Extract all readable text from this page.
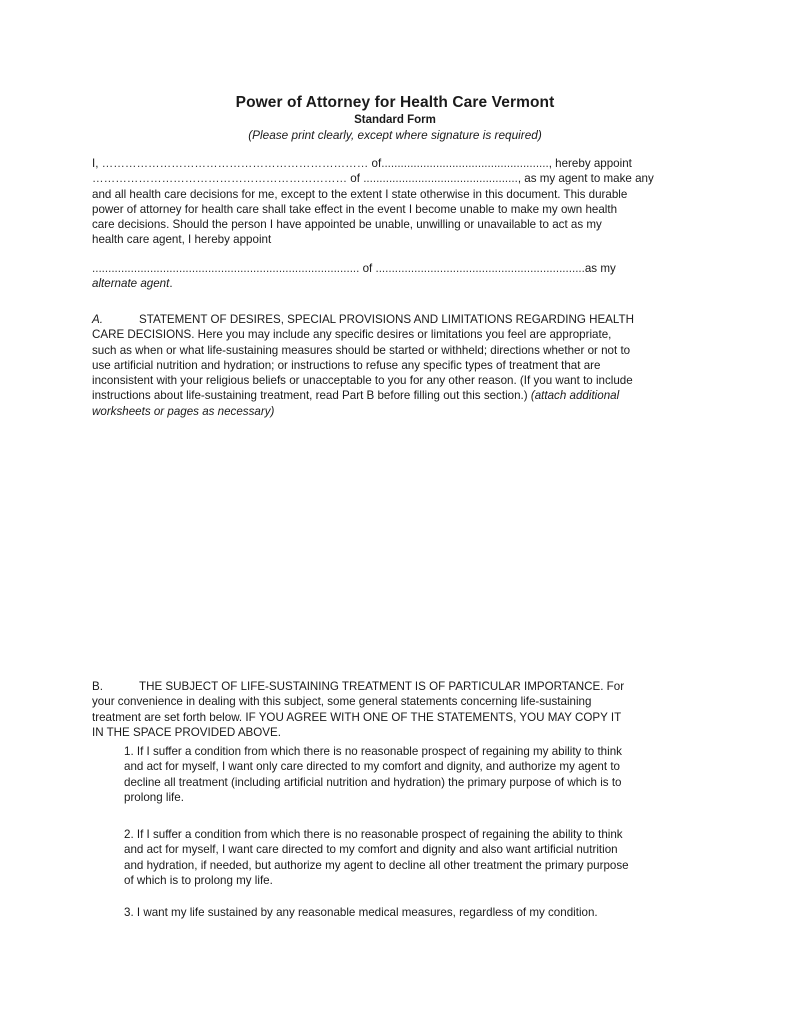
Power of Attorney for Health Care Vermont
Standard Form
(Please print clearly, except where signature is required)
I, …………………………………………………………… of...................................................., hereby appoint
………………………………………………………… of ................................................, as my agent to make any
and all health care decisions for me, except to the extent I state otherwise in this document. This durable
power of attorney for health care shall take effect in the event I become unable to make my own health
care decisions. Should the person I have appointed be unable, unwilling or unavailable to act as my
health care agent, I hereby appoint
................................................................................... of .................................................................as my
alternate agent.
A.	STATEMENT OF DESIRES, SPECIAL PROVISIONS AND LIMITATIONS REGARDING HEALTH
CARE DECISIONS. Here you may include any specific desires or limitations you feel are appropriate,
such as when or what life-sustaining measures should be started or withheld; directions whether or not to
use artificial nutrition and hydration; or instructions to refuse any specific types of treatment that are
inconsistent with your religious beliefs or unacceptable to you for any other reason. (If you want to include
instructions about life-sustaining treatment, read Part B before filling out this section.) (attach additional
worksheets or pages as necessary)
B.	THE SUBJECT OF LIFE-SUSTAINING TREATMENT IS OF PARTICULAR IMPORTANCE. For
your convenience in dealing with this subject, some general statements concerning life-sustaining
treatment are set forth below. IF YOU AGREE WITH ONE OF THE STATEMENTS, YOU MAY COPY IT
IN THE SPACE PROVIDED ABOVE.
1. If I suffer a condition from which there is no reasonable prospect of regaining my ability to think
and act for myself, I want only care directed to my comfort and dignity, and authorize my agent to
decline all treatment (including artificial nutrition and hydration) the primary purpose of which is to
prolong life.
2. If I suffer a condition from which there is no reasonable prospect of regaining the ability to think
and act for myself, I want care directed to my comfort and dignity and also want artificial nutrition
and hydration, if needed, but authorize my agent to decline all other treatment the primary purpose
of which is to prolong my life.
3. I want my life sustained by any reasonable medical measures, regardless of my condition.
